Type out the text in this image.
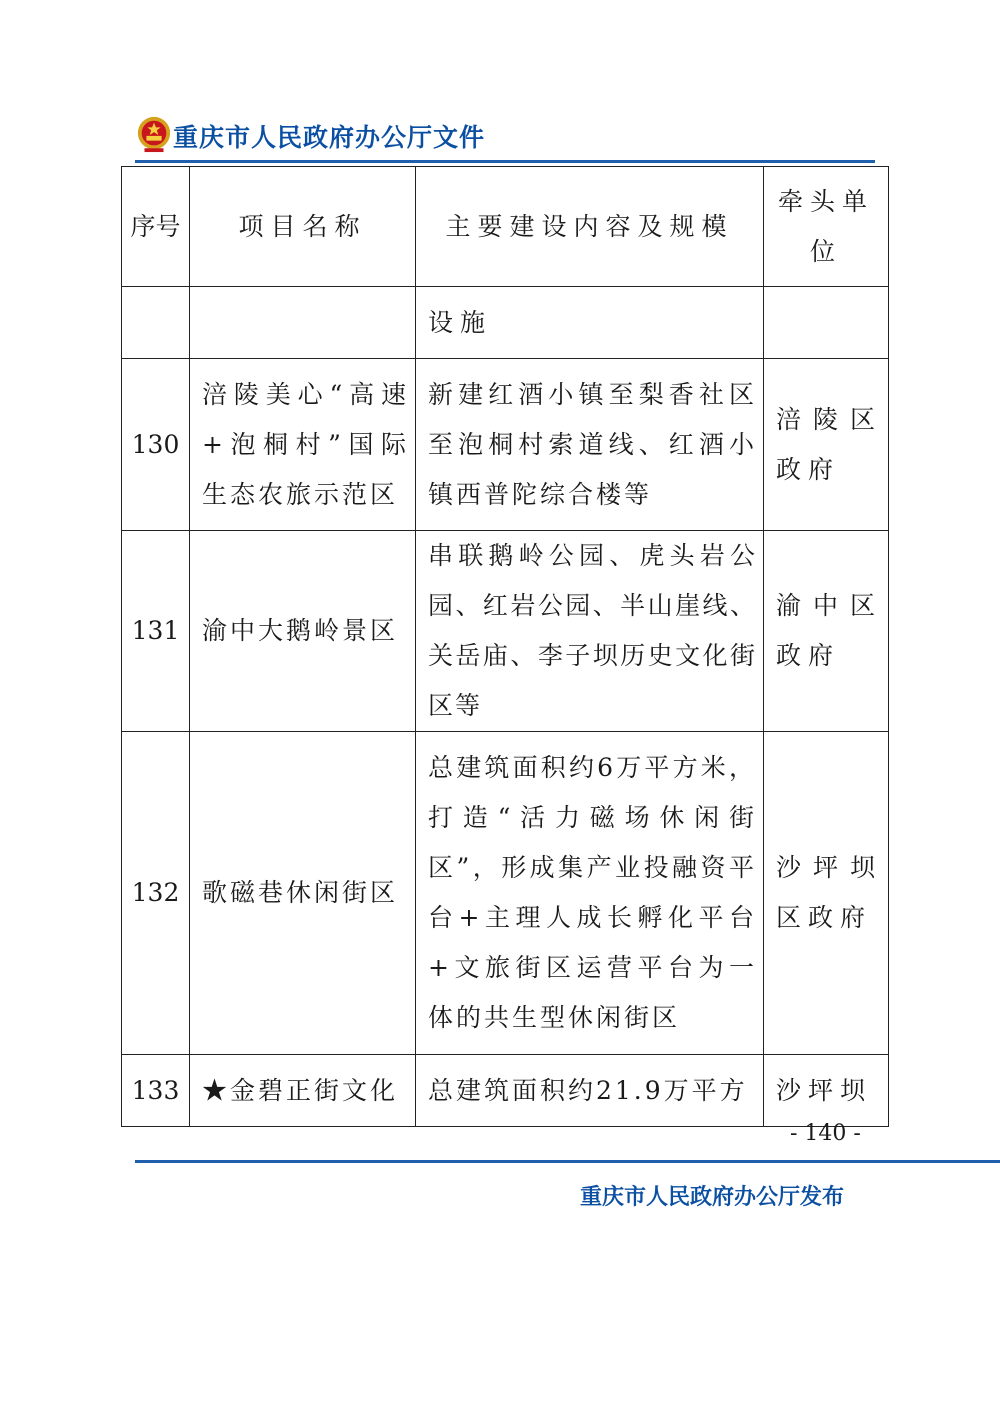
重庆市人民政府办公厅文件
序号	项目名称	主要建设内容及规模	牵头单位
		设施	
130	涪陵美心“高速+泡桐村”国际生态农旅示范区	新建红酒小镇至梨香社区至泡桐村索道线、红酒小镇西普陀综合楼等	涪陵区政府
131	渝中大鹅岭景区	串联鹅岭公园、虎头岩公园、红岩公园、半山崖线、关岳庙、李子坝历史文化街区等	渝中区政府
132	歌磁巷休闲街区	总建筑面积约6万平方米，打造“活力磁场休闲街区”，形成集产业投融资平台+主理人成长孵化平台+文旅街区运营平台为一体的共生型休闲街区	沙坪坝区政府
133	★金碧正街文化	总建筑面积约21.9万平方	沙坪坝
- 140 -
重庆市人民政府办公厅发布
